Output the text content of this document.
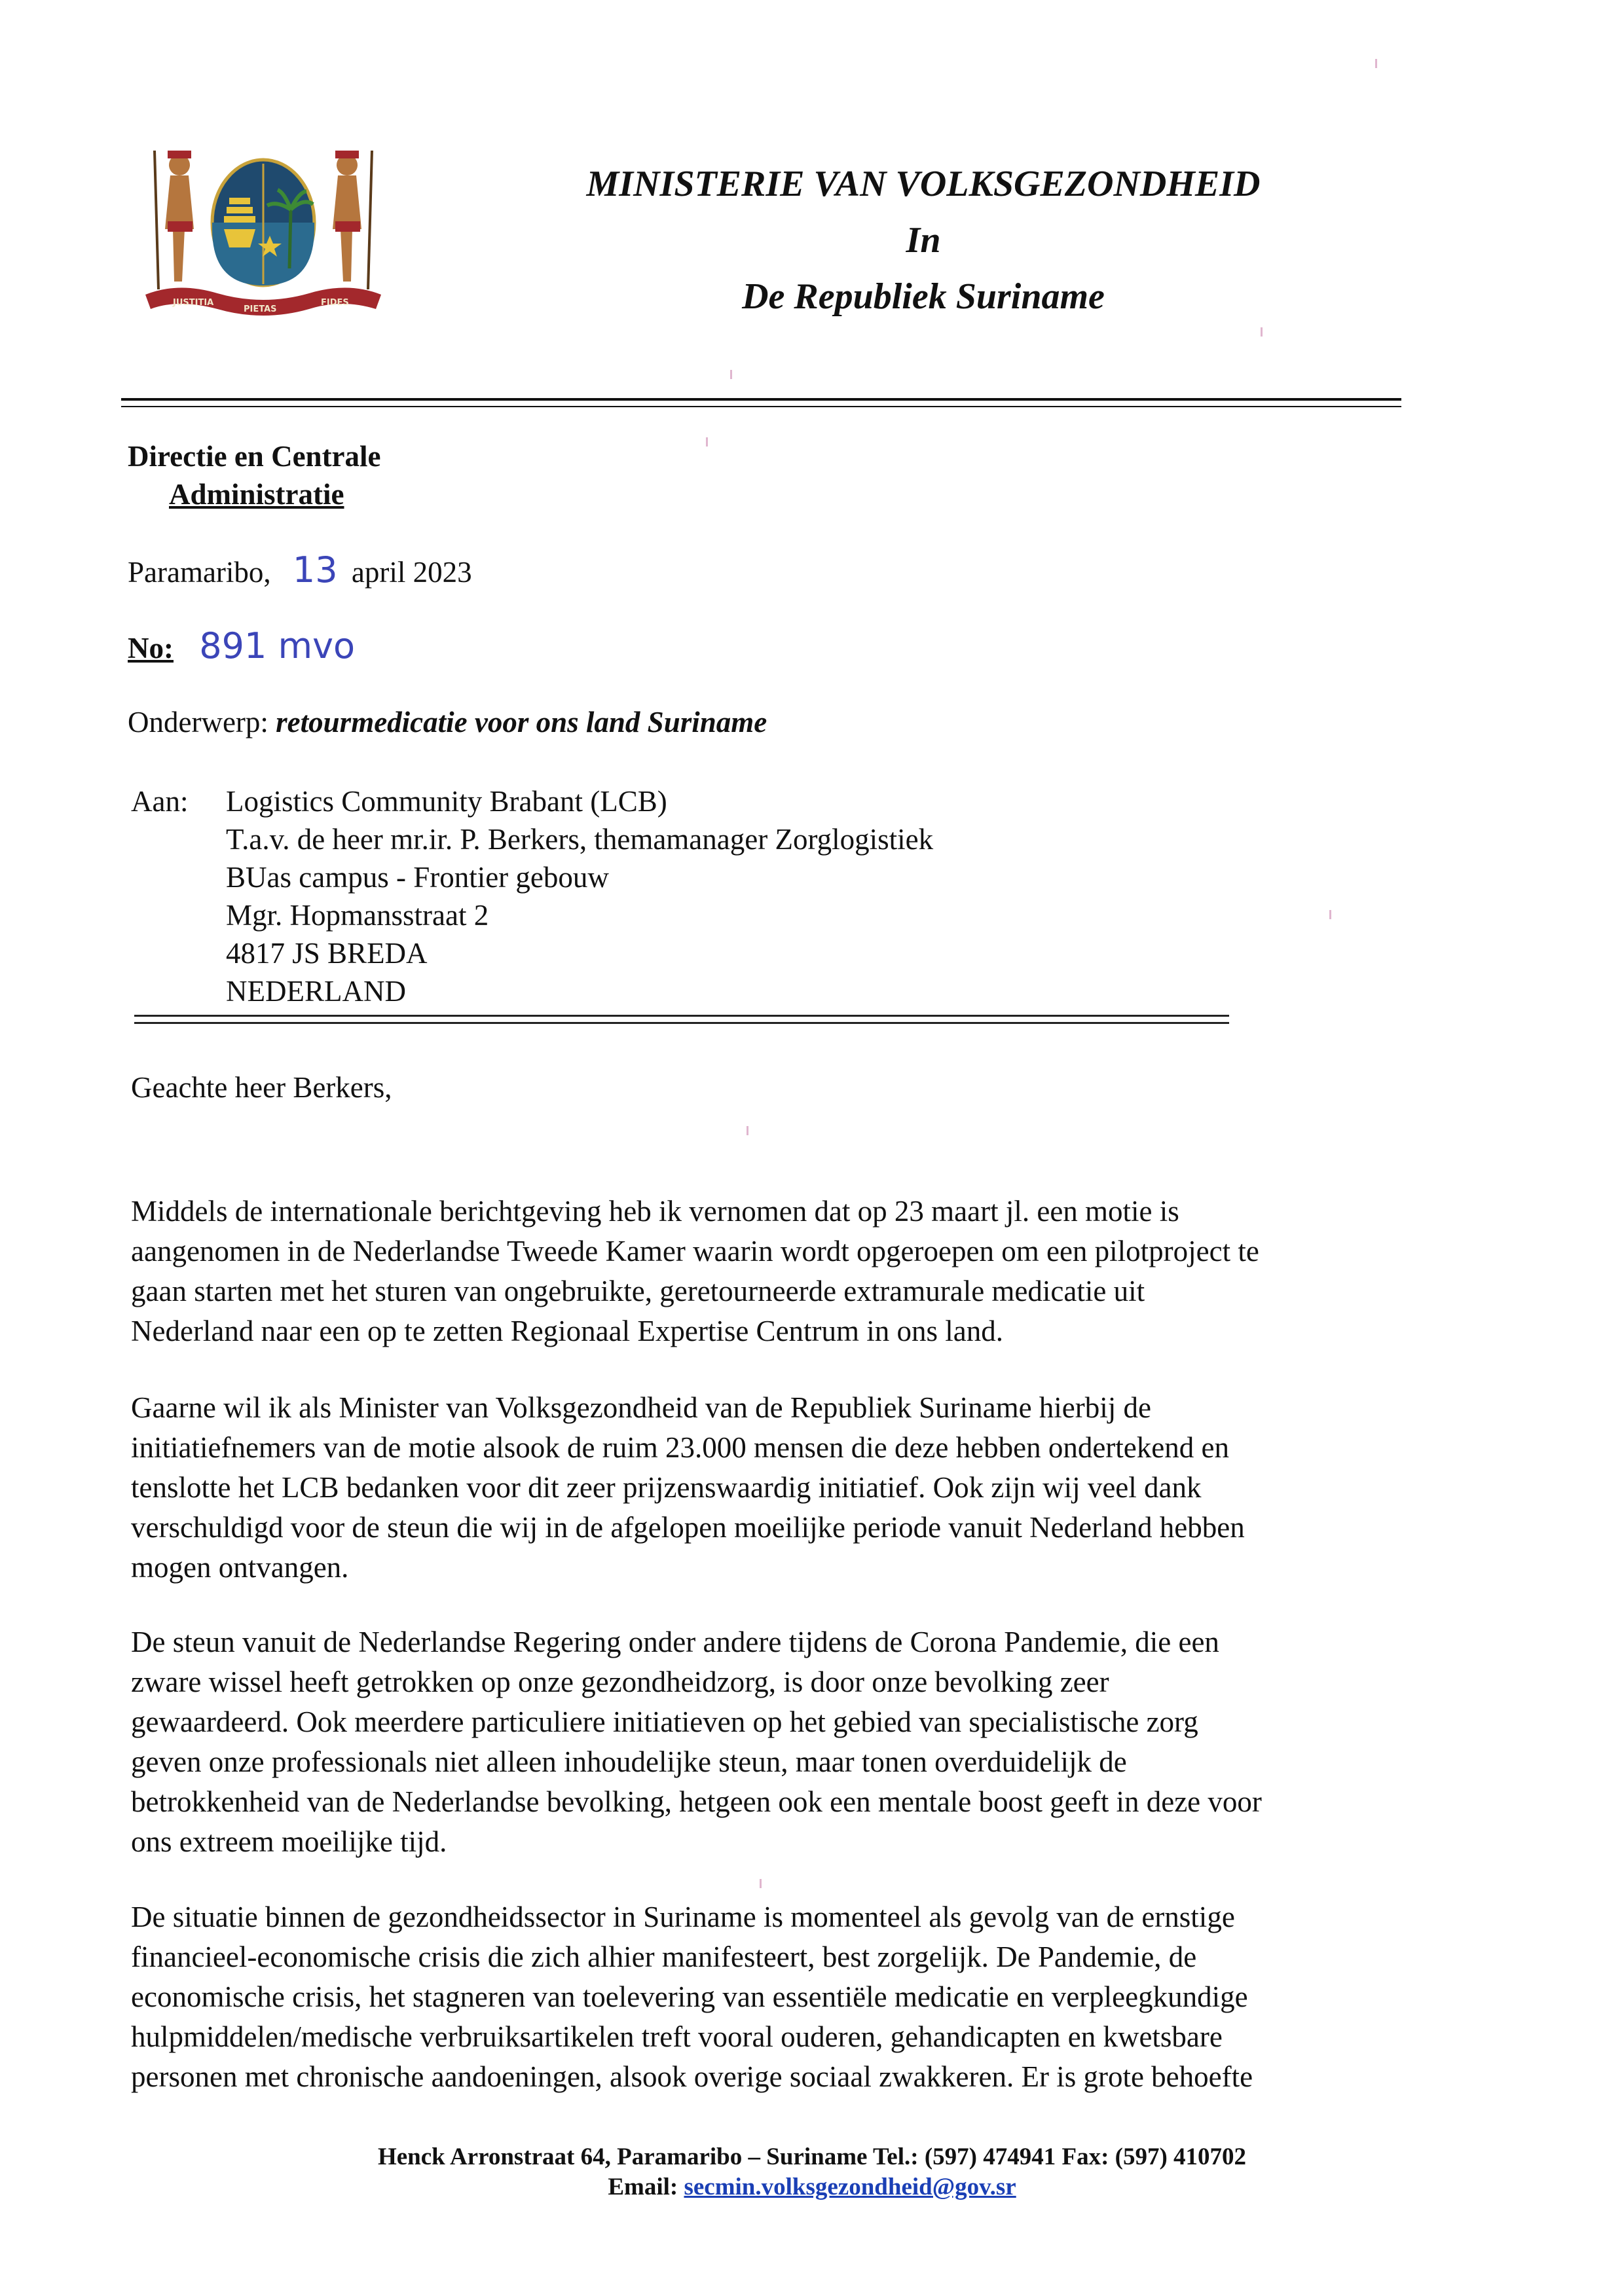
JUSTITIA
PIETAS
FIDES
MINISTERIE VAN VOLKSGEZONDHEID
In
De Republiek Suriname
Directie en Centrale
Administratie
Paramaribo, 13 april 2023
No: 891 mvo
Onderwerp: retourmedicatie voor ons land Suriname
Aan: Logistics Community Brabant (LCB)
T.a.v. de heer mr.ir. P. Berkers, themamanager Zorglogistiek
BUas campus - Frontier gebouw
Mgr. Hopmansstraat 2
4817 JS BREDA
NEDERLAND
Geachte heer Berkers,
Middels de internationale berichtgeving heb ik vernomen dat op 23 maart jl. een motie is
aangenomen in de Nederlandse Tweede Kamer waarin wordt opgeroepen om een pilotproject te
gaan starten met het sturen van ongebruikte, geretourneerde extramurale medicatie uit
Nederland naar een op te zetten Regionaal Expertise Centrum in ons land.
Gaarne wil ik als Minister van Volksgezondheid van de Republiek Suriname hierbij de
initiatiefnemers van de motie alsook de ruim 23.000 mensen die deze hebben ondertekend en
tenslotte het LCB bedanken voor dit zeer prijzenswaardig initiatief. Ook zijn wij veel dank
verschuldigd voor de steun die wij in de afgelopen moeilijke periode vanuit Nederland hebben
mogen ontvangen.
De steun vanuit de Nederlandse Regering onder andere tijdens de Corona Pandemie, die een
zware wissel heeft getrokken op onze gezondheidzorg, is door onze bevolking zeer
gewaardeerd. Ook meerdere particuliere initiatieven op het gebied van specialistische zorg
geven onze professionals niet alleen inhoudelijke steun, maar tonen overduidelijk de
betrokkenheid van de Nederlandse bevolking, hetgeen ook een mentale boost geeft in deze voor
ons extreem moeilijke tijd.
De situatie binnen de gezondheidssector in Suriname is momenteel als gevolg van de ernstige
financieel-economische crisis die zich alhier manifesteert, best zorgelijk. De Pandemie, de
economische crisis, het stagneren van toelevering van essentiële medicatie en verpleegkundige
hulpmiddelen/medische verbruiksartikelen treft vooral ouderen, gehandicapten en kwetsbare
personen met chronische aandoeningen, alsook overige sociaal zwakkeren. Er is grote behoefte
Henck Arronstraat 64, Paramaribo – Suriname Tel.: (597) 474941 Fax: (597) 410702
Email: secmin.volksgezondheid@gov.sr
